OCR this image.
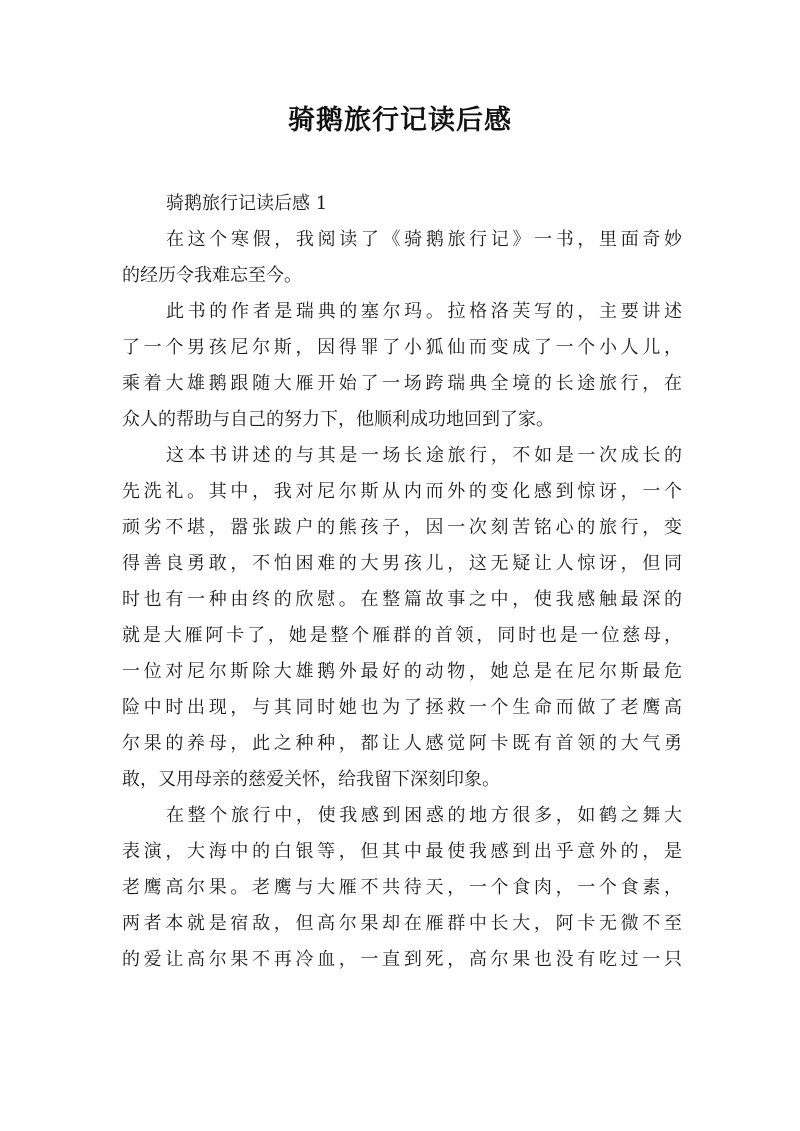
骑鹅旅行记读后感

骑鹅旅行记读后感 1

在这个寒假，我阅读了《骑鹅旅行记》一书，里面奇妙
的经历令我难忘至今。
此书的作者是瑞典的塞尔玛。拉格洛芙写的，主要讲述
了一个男孩尼尔斯，因得罪了小狐仙而变成了一个小人儿，
乘着大雄鹅跟随大雁开始了一场跨瑞典全境的长途旅行，在
众人的帮助与自己的努力下，他顺利成功地回到了家。
这本书讲述的与其是一场长途旅行，不如是一次成长的
先洗礼。其中，我对尼尔斯从内而外的变化感到惊讶，一个
顽劣不堪，嚣张跋户的熊孩子，因一次刻苦铭心的旅行，变
得善良勇敢，不怕困难的大男孩儿，这无疑让人惊讶，但同
时也有一种由终的欣慰。在整篇故事之中，使我感触最深的
就是大雁阿卡了，她是整个雁群的首领，同时也是一位慈母，
一位对尼尔斯除大雄鹅外最好的动物，她总是在尼尔斯最危
险中时出现，与其同时她也为了拯救一个生命而做了老鹰高
尔果的养母，此之种种，都让人感觉阿卡既有首领的大气勇
敢，又用母亲的慈爱关怀，给我留下深刻印象。
在整个旅行中，使我感到困惑的地方很多，如鹤之舞大
表演，大海中的白银等，但其中最使我感到出乎意外的，是
老鹰高尔果。老鹰与大雁不共待天，一个食肉，一个食素，
两者本就是宿敌，但高尔果却在雁群中长大，阿卡无微不至
的爱让高尔果不再冷血，一直到死，高尔果也没有吃过一只
